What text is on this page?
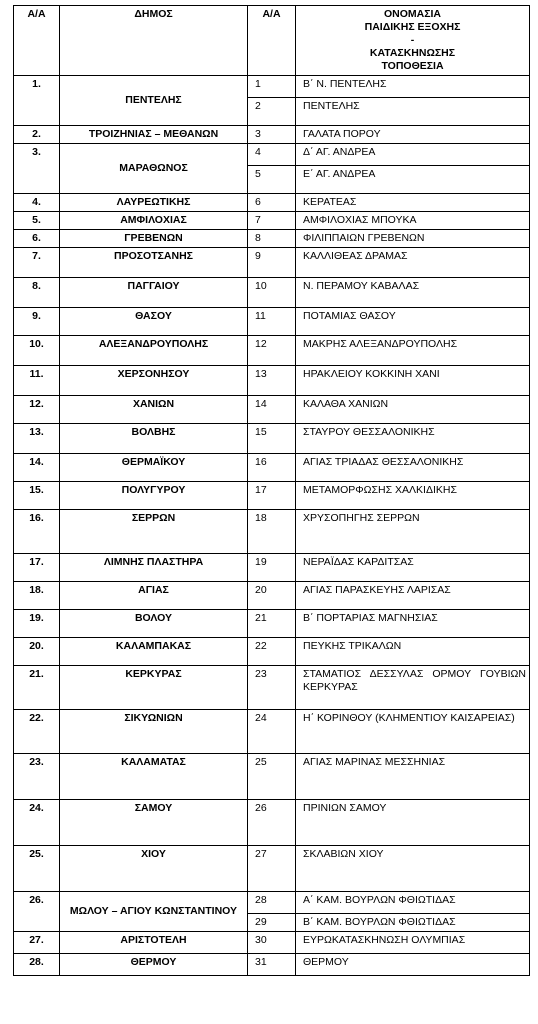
Α/Α	ΔΗΜΟΣ	Α/Α	ΟΝΟΜΑΣΙΑ
ΠΑΙΔΙΚΗΣ ΕΞΟΧΗΣ
-
ΚΑΤΑΣΚΗΝΩΣΗΣ
ΤΟΠΟΘΕΣΙΑ

1.	ΠΕΝΤΕΛΗΣ	1	Β΄ Ν. ΠΕΝΤΕΛΗΣ
		2	ΠΕΝΤΕΛΗΣ
2.	ΤΡΟΙΖΗΝΙΑΣ – ΜΕΘΑΝΩΝ	3	ΓΑΛΑΤΑ ΠΟΡΟΥ
3.	ΜΑΡΑΘΩΝΟΣ	4	Δ΄ ΑΓ. ΑΝΔΡΕΑ
		5	Ε΄ ΑΓ. ΑΝΔΡΕΑ
4.	ΛΑΥΡΕΩΤΙΚΗΣ	6	ΚΕΡΑΤΕΑΣ
5.	ΑΜΦΙΛΟΧΙΑΣ	7	ΑΜΦΙΛΟΧΙΑΣ ΜΠΟΥΚΑ
6.	ΓΡΕΒΕΝΩΝ	8	ΦΙΛΙΠΠΑΙΩΝ ΓΡΕΒΕΝΩΝ
7.	ΠΡΟΣΟΤΣΑΝΗΣ	9	ΚΑΛΛΙΘΕΑΣ ΔΡΑΜΑΣ
8.	ΠΑΓΓΑΙΟΥ	10	Ν. ΠΕΡΑΜΟΥ ΚΑΒΑΛΑΣ
9.	ΘΑΣΟΥ	11	ΠΟΤΑΜΙΑΣ ΘΑΣΟΥ
10.	ΑΛΕΞΑΝΔΡΟΥΠΟΛΗΣ	12	ΜΑΚΡΗΣ ΑΛΕΞΑΝΔΡΟΥΠΟΛΗΣ
11.	ΧΕΡΣΟΝΗΣΟΥ	13	ΗΡΑΚΛΕΙΟΥ ΚΟΚΚΙΝΗ ΧΑΝΙ
12.	ΧΑΝΙΩΝ	14	ΚΑΛΑΘΑ ΧΑΝΙΩΝ
13.	ΒΟΛΒΗΣ	15	ΣΤΑΥΡΟΥ ΘΕΣΣΑΛΟΝΙΚΗΣ
14.	ΘΕΡΜΑΪΚΟΥ	16	ΑΓΙΑΣ ΤΡΙΑΔΑΣ ΘΕΣΣΑΛΟΝΙΚΗΣ
15.	ΠΟΛΥΓΥΡΟΥ	17	ΜΕΤΑΜΟΡΦΩΣΗΣ ΧΑΛΚΙΔΙΚΗΣ
16.	ΣΕΡΡΩΝ	18	ΧΡΥΣΟΠΗΓΗΣ ΣΕΡΡΩΝ
17.	ΛΙΜΝΗΣ ΠΛΑΣΤΗΡΑ	19	ΝΕΡΑΪΔΑΣ ΚΑΡΔΙΤΣΑΣ
18.	ΑΓΙΑΣ	20	ΑΓΙΑΣ ΠΑΡΑΣΚΕΥΗΣ ΛΑΡΙΣΑΣ
19.	ΒΟΛΟΥ	21	Β΄ ΠΟΡΤΑΡΙΑΣ ΜΑΓΝΗΣΙΑΣ
20.	ΚΑΛΑΜΠΑΚΑΣ	22	ΠΕΥΚΗΣ ΤΡΙΚΑΛΩΝ
21.	ΚΕΡΚΥΡΑΣ	23	ΣΤΑΜΑΤΙΟΣ ΔΕΣΣΥΛΑΣ ΟΡΜΟΥ ΓΟΥΒΙΩΝ ΚΕΡΚΥΡΑΣ
22.	ΣΙΚΥΩΝΙΩΝ	24	Η΄ ΚΟΡΙΝΘΟΥ (ΚΛΗΜΕΝΤΙΟΥ ΚΑΙΣΑΡΕΙΑΣ)
23.	ΚΑΛΑΜΑΤΑΣ	25	ΑΓΙΑΣ ΜΑΡΙΝΑΣ ΜΕΣΣΗΝΙΑΣ
24.	ΣΑΜΟΥ	26	ΠΡΙΝΙΩΝ ΣΑΜΟΥ
25.	ΧΙΟΥ	27	ΣΚΛΑΒΙΩΝ ΧΙΟΥ
26.	ΜΩΛΟΥ – ΑΓΙΟΥ ΚΩΝΣΤΑΝΤΙΝΟΥ	28	Α΄ ΚΑΜ. ΒΟΥΡΛΩΝ ΦΘΙΩΤΙΔΑΣ
		29	Β΄ ΚΑΜ. ΒΟΥΡΛΩΝ ΦΘΙΩΤΙΔΑΣ
27.	ΑΡΙΣΤΟΤΕΛΗ	30	ΕΥΡΩΚΑΤΑΣΚΗΝΩΣΗ ΟΛΥΜΠΙΑΣ
28.	ΘΕΡΜΟΥ	31	ΘΕΡΜΟΥ
